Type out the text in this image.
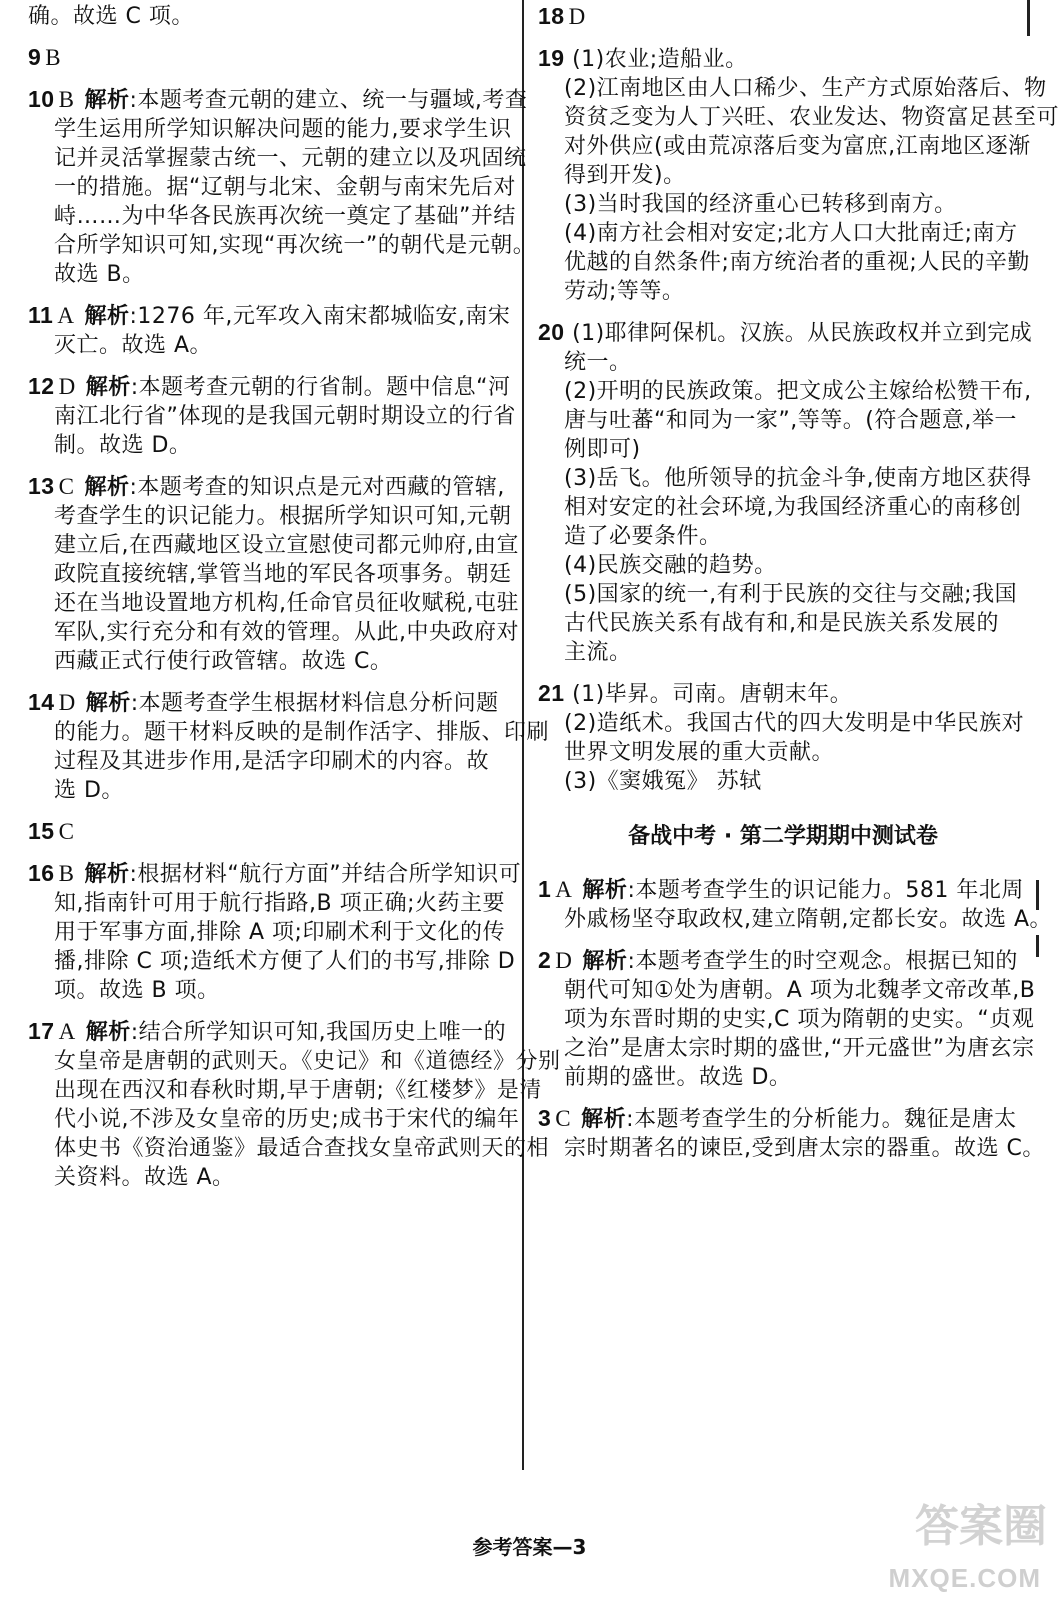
确。故选 C 项。

9 B

10 B 解析:本题考查元朝的建立、统一与疆域,考查

学生运用所学知识解决问题的能力,要求学生识

记并灵活掌握蒙古统一、元朝的建立以及巩固统

一的措施。据“辽朝与北宋、金朝与南宋先后对

峙……为中华各民族再次统一奠定了基础”并结

合所学知识可知,实现“再次统一”的朝代是元朝。

故选 B。

11 A 解析:1276 年,元军攻入南宋都城临安,南宋

灭亡。故选 A。

12 D 解析:本题考查元朝的行省制。题中信息“河

南江北行省”体现的是我国元朝时期设立的行省

制。故选 D。

13 C 解析:本题考查的知识点是元对西藏的管辖,

考查学生的识记能力。根据所学知识可知,元朝

建立后,在西藏地区设立宣慰使司都元帅府,由宣

政院直接统辖,掌管当地的军民各项事务。朝廷

还在当地设置地方机构,任命官员征收赋税,屯驻

军队,实行充分和有效的管理。从此,中央政府对

西藏正式行使行政管辖。故选 C。

14 D 解析:本题考查学生根据材料信息分析问题

的能力。题干材料反映的是制作活字、排版、印刷

过程及其进步作用,是活字印刷术的内容。故

选 D。

15 C

16 B 解析:根据材料“航行方面”并结合所学知识可

知,指南针可用于航行指路,B 项正确;火药主要

用于军事方面,排除 A 项;印刷术利于文化的传

播,排除 C 项;造纸术方便了人们的书写,排除 D

项。故选 B 项。

17 A 解析:结合所学知识可知,我国历史上唯一的

女皇帝是唐朝的武则天。《史记》和《道德经》分别

出现在西汉和春秋时期,早于唐朝;《红楼梦》是清

代小说,不涉及女皇帝的历史;成书于宋代的编年

体史书《资治通鉴》最适合查找女皇帝武则天的相

关资料。故选 A。

18 D

19 (1)农业;造船业。

(2)江南地区由人口稀少、生产方式原始落后、物

资贫乏变为人丁兴旺、农业发达、物资富足甚至可

对外供应(或由荒凉落后变为富庶,江南地区逐渐

得到开发)。

(3)当时我国的经济重心已转移到南方。

(4)南方社会相对安定;北方人口大批南迁;南方

优越的自然条件;南方统治者的重视;人民的辛勤

劳动;等等。

20 (1)耶律阿保机。汉族。从民族政权并立到完成

统一。

(2)开明的民族政策。把文成公主嫁给松赞干布,

唐与吐蕃“和同为一家”,等等。(符合题意,举一

例即可)

(3)岳飞。他所领导的抗金斗争,使南方地区获得

相对安定的社会环境,为我国经济重心的南移创

造了必要条件。

(4)民族交融的趋势。

(5)国家的统一,有利于民族的交往与交融;我国

古代民族关系有战有和,和是民族关系发展的

主流。

21 (1)毕昇。司南。唐朝末年。

(2)造纸术。我国古代的四大发明是中华民族对

世界文明发展的重大贡献。

(3)《窦娥冤》 苏轼

备战中考 · 第二学期期中测试卷

1 A 解析:本题考查学生的识记能力。581 年北周

外戚杨坚夺取政权,建立隋朝,定都长安。故选 A。

2 D 解析:本题考查学生的时空观念。根据已知的

朝代可知①处为唐朝。A 项为北魏孝文帝改革,B

项为东晋时期的史实,C 项为隋朝的史实。“贞观

之治”是唐太宗时期的盛世,“开元盛世”为唐玄宗

前期的盛世。故选 D。

3 C 解析:本题考查学生的分析能力。魏征是唐太

宗时期著名的谏臣,受到唐太宗的器重。故选 C。

参考答案—3	答案圈
MXQE.COM
